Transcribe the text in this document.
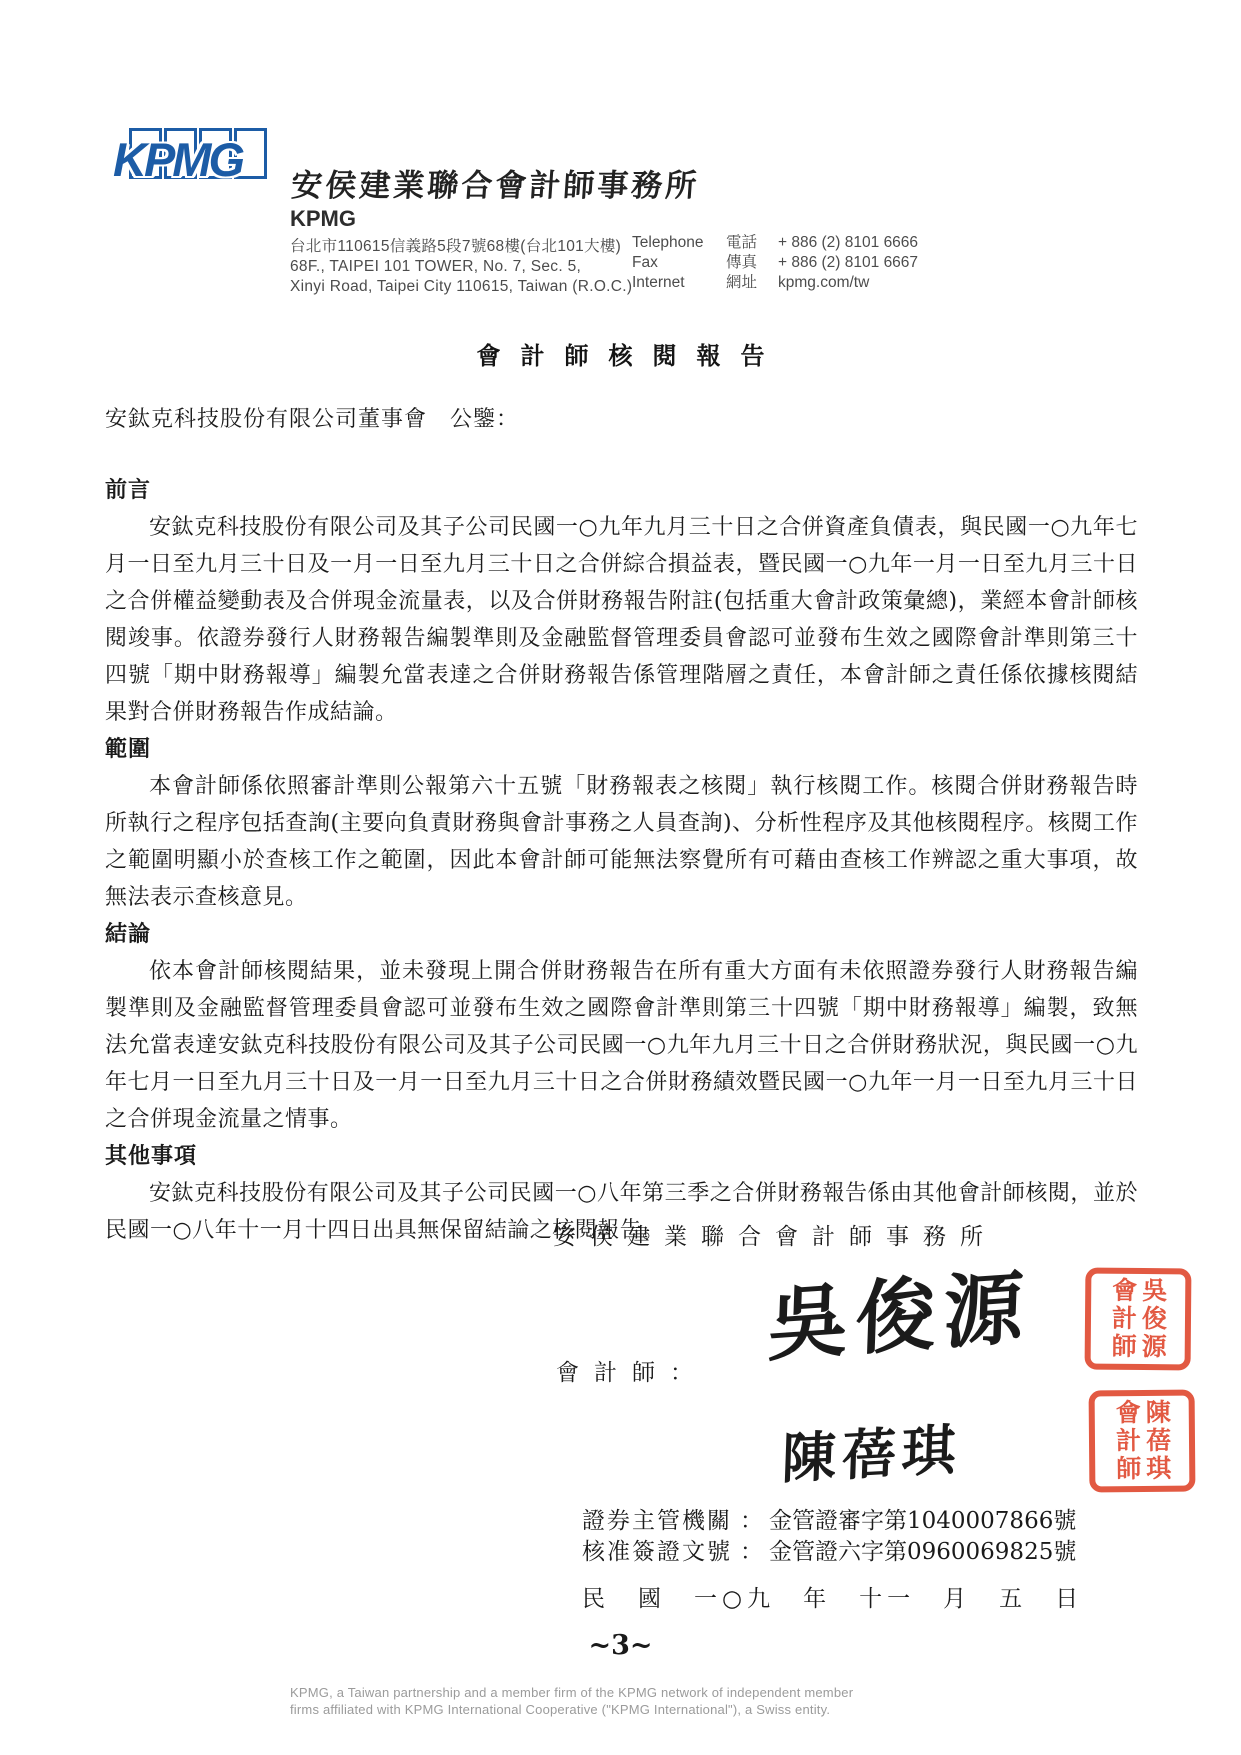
KPMG 安侯建業聯合會計師事務所
KPMG
台北市110615信義路5段7號68樓(台北101大樓)
68F., TAIPEI 101 TOWER, No. 7, Sec. 5,
Xinyi Road, Taipei City 110615, Taiwan (R.O.C.)
Telephone	電話	+ 886 (2) 8101 6666
Fax	傳真	+ 886 (2) 8101 6667
Internet	網址	kpmg.com/tw
會計師核閱報告
安鈦克科技股份有限公司董事會　公鑒：
前言

安鈦克科技股份有限公司及其子公司民國一○九年九月三十日之合併資產負債表，與民國一○九年七月一日至九月三十日及一月一日至九月三十日之合併綜合損益表，暨民國一○九年一月一日至九月三十日之合併權益變動表及合併現金流量表，以及合併財務報告附註(包括重大會計政策彙總)，業經本會計師核閱竣事。依證券發行人財務報告編製準則及金融監督管理委員會認可並發布生效之國際會計準則第三十四號「期中財務報導」編製允當表達之合併財務報告係管理階層之責任，本會計師之責任係依據核閱結果對合併財務報告作成結論。

範圍

本會計師係依照審計準則公報第六十五號「財務報表之核閱」執行核閱工作。核閱合併財務報告時所執行之程序包括查詢(主要向負責財務與會計事務之人員查詢)、分析性程序及其他核閱程序。核閱工作之範圍明顯小於查核工作之範圍，因此本會計師可能無法察覺所有可藉由查核工作辨認之重大事項，故無法表示查核意見。

結論

依本會計師核閱結果，並未發現上開合併財務報告在所有重大方面有未依照證券發行人財務報告編製準則及金融監督管理委員會認可並發布生效之國際會計準則第三十四號「期中財務報導」編製，致無法允當表達安鈦克科技股份有限公司及其子公司民國一○九年九月三十日之合併財務狀況，與民國一○九年七月一日至九月三十日及一月一日至九月三十日之合併財務績效暨民國一○九年一月一日至九月三十日之合併現金流量之情事。

其他事項

安鈦克科技股份有限公司及其子公司民國一○八年第三季之合併財務報告係由其他會計師核閱，並於民國一○八年十一月十四日出具無保留結論之核閱報告。

安侯建業聯合會計師事務所
會計師：
吳俊源
陳蓓琪
吳俊源
會計師
陳蓓琪
會計師
證券主管機關 ： 金管證審字第1040007866號
核准簽證文號 ： 金管證六字第0960069825號
民　國　一○九　年　十一　月　五　日
~3~
KPMG, a Taiwan partnership and a member firm of the KPMG network of independent member
firms affiliated with KPMG International Cooperative ("KPMG International"), a Swiss entity.
